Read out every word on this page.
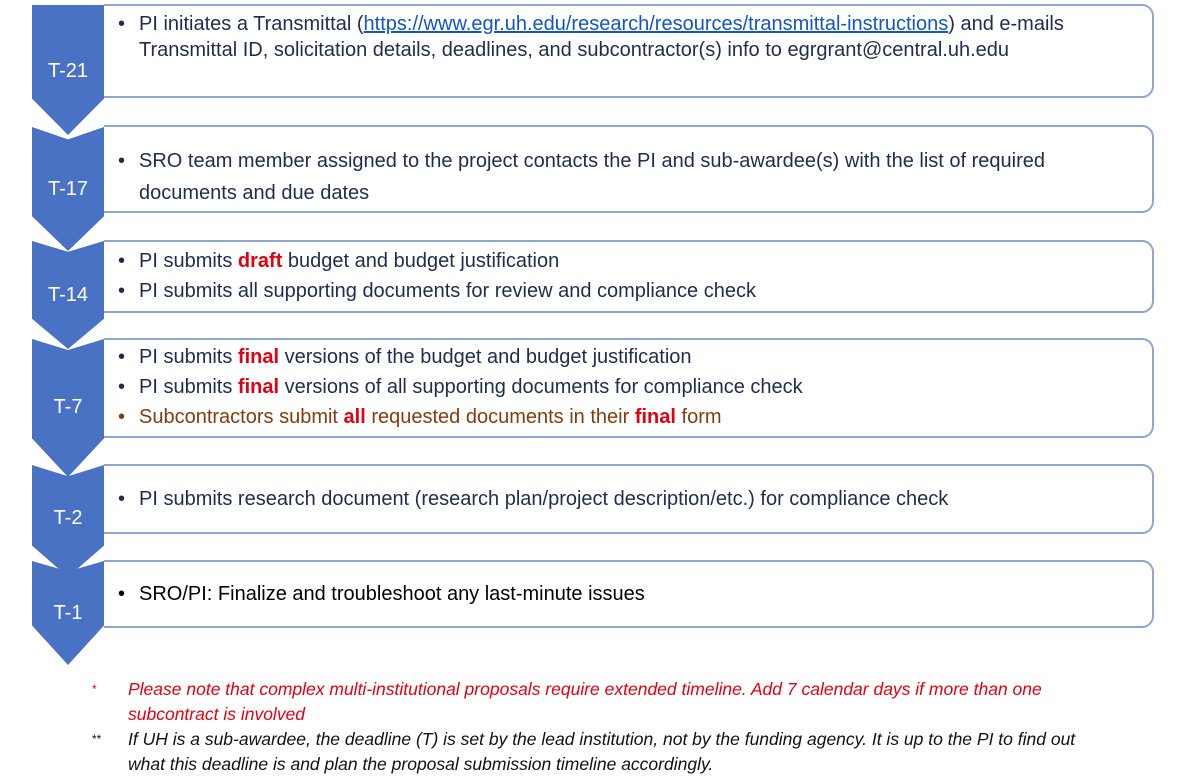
T-21
• PI initiates a Transmittal (https://www.egr.uh.edu/research/resources/transmittal-instructions) and e-mails Transmittal ID, solicitation details, deadlines, and subcontractor(s) info to egrgrant@central.uh.edu
T-17
• SRO team member assigned to the project contacts the PI and sub-awardee(s) with the list of required documents and due dates
T-14
• PI submits draft budget and budget justification
• PI submits all supporting documents for review and compliance check
T-7
• PI submits final versions of the budget and budget justification
• PI submits final versions of all supporting documents for compliance check
• Subcontractors submit all requested documents in their final form
T-2
• PI submits research document (research plan/project description/etc.) for compliance check
T-1
• SRO/PI: Finalize and troubleshoot any last-minute issues
*	Please note that complex multi-institutional proposals require extended timeline. Add 7 calendar days if more than one subcontract is involved
**	If UH is a sub-awardee, the deadline (T) is set by the lead institution, not by the funding agency. It is up to the PI to find out what this deadline is and plan the proposal submission timeline accordingly.
